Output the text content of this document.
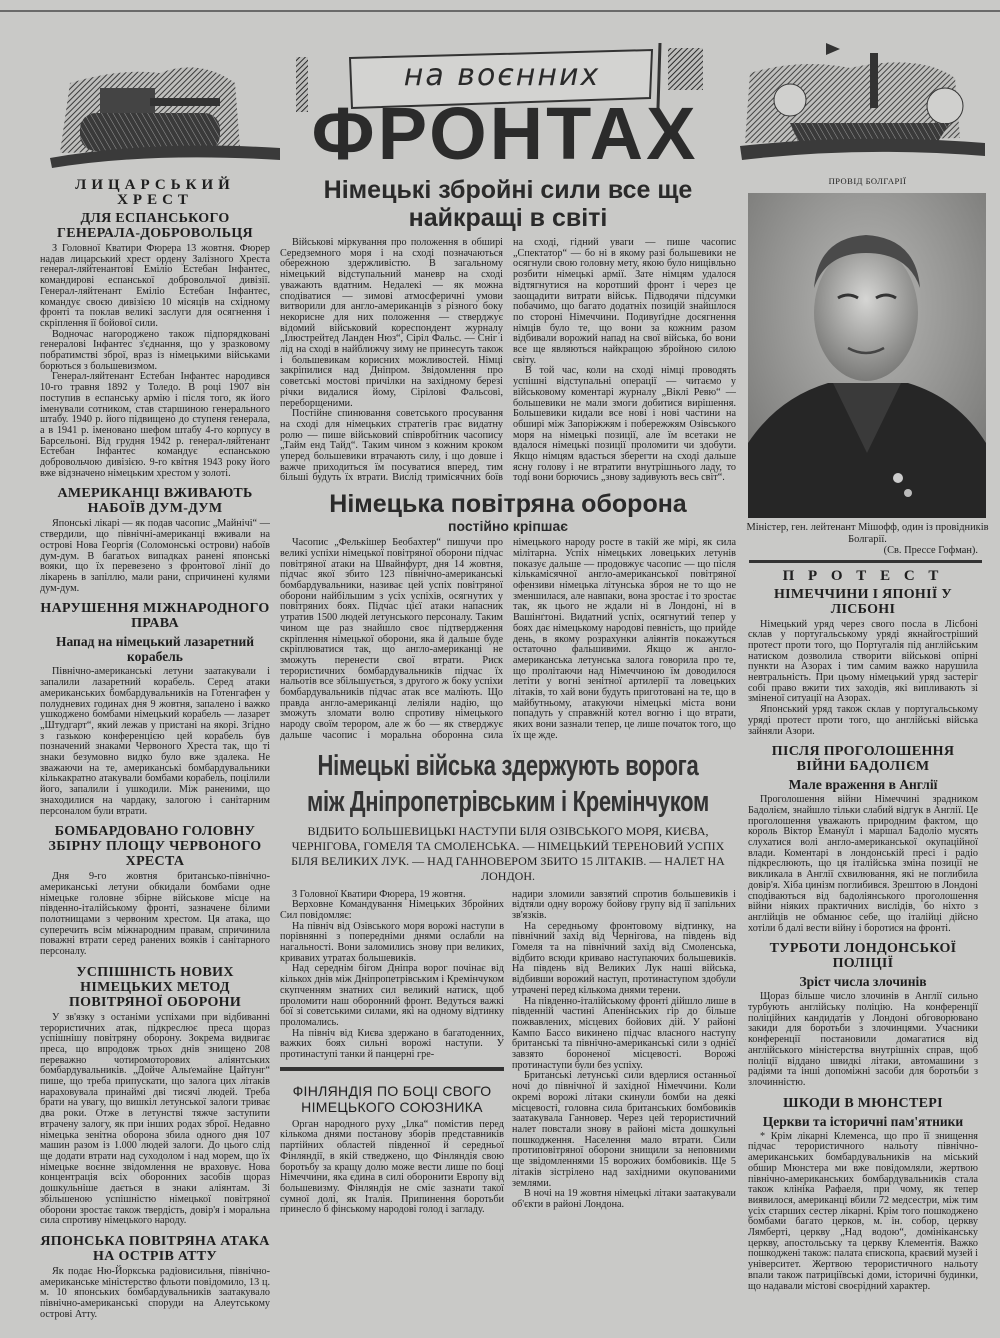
на воєнних
ФРОНТАХ
ЛИЦАРСЬКИЙ ХРЕСТ
ДЛЯ ЕСПАНСЬКОГО ГЕНЕРАЛА-ДОБРОВОЛЬЦЯ

З Головної Кватири Фюрера 13 жовтня. Фюрер надав лицарський хрест ордену Залізного Хреста генерал-ляйтенантові Еміліо Естебан Інфантес, командирові еспанської добровольчої дивізії. Генерал-ляйтенант Еміліо Естебан Інфантес, командує своєю дивізією 10 місяців на східному фронті та поклав великі заслуги для осягнення і скріплення її бойової сили.

Водночас нагороджено також підпорядковані генералові Інфантес з'єднання, що у зразковому побратимстві зброї, враз із німецькими військами борються з большевизмом.

Генерал-ляйтенант Естебан Інфантес народився 10-го травня 1892 у Толедо. В році 1907 він поступив в еспанську армію і після того, як його іменували сотником, став старшиною генерального штабу. 1940 р. його підвищено до ступеня генерала, а в 1941 р. іменовано шефом штабу 4-го корпусу в Барсельоні. Від грудня 1942 р. генерал-ляйтенант Естебан Інфантес командує еспанською добровольчою дивізією. 9-го квітня 1943 року його вже відзначено німецьким хрестом у золоті.

АМЕРИКАНЦІ ВЖИВАЮТЬ НАБОЇВ ДУМ-ДУМ

Японські лікарі — як подав часопис „Майнічі“ — ствердили, що північні-американці вживали на острові Нова Георгія (Соломонські острови) набоїв дум-дум. В багатьох випадках ранені японські вояки, що їх перевезено з фронтової лінії до лікарень в запіллю, мали рани, спричинені кулями дум-дум.

НАРУШЕННЯ МІЖНАРОДНОГО ПРАВА
Напад на німецький лазаретний корабель

Північно-американські летуни заатакували і запалили лазаретний корабель. Серед атаки американських бомбардувальників на Готенгафен у полудневих годинах дня 9 жовтня, запалено і важко ушкоджено бомбами німецький корабель — лазарет „Штудгарт“, який лежав у пристані на якорі. Згідно з газькою конференцією цей корабель був позначений знаками Червоного Хреста так, що ті знаки безумовно видко було вже здалека. Не зважаючи на те, американські бомбардувальники кількакратно атакували бомбами корабель, поцілили його, запалили і ушкодили. Між раненими, що знаходилися на чардаку, залогою і санітарним персоналом були втрати.

БОМБАРДОВАНО ГОЛОВНУ ЗБІРНУ ПЛОЩУ ЧЕРВОНОГО ХРЕСТА

Дня 9-го жовтня британсько-північно-американські летуни обкидали бомбами одне німецьке головне збірне військове місце на південно-італійському фронті, зазначене білими полотнищами з червоним хрестом. Ця атака, що суперечить всім міжнародним правам, спричинила поважні втрати серед ранених вояків і санітарного персоналу.

УСПІШНІСТЬ НОВИХ НІМЕЦЬКИХ МЕТОД ПОВІТРЯНОЇ ОБОРОНИ

У зв'язку з останіми успіхами при відбиванні терористичних атак, підкреслює преса щораз успішнішу повітряну оборону. Зокрема видвигає преса, що впродовж трьох днів знищено 208 переважно чотиромоторових аліянтських бомбардувальників. „Дойче Альґемайне Цайтунг“ пише, що треба припускати, що залога цих літаків нараховувала принаймі дві тисячі людей. Треба брати на увагу, що вишкіл летунської залоги триває два роки. Отже в летунстві тяжче заступити втрачену залогу, як при інших родах зброї. Недавно німецька зенітна оборона збила одного дня 107 машин разом із 1.000 людей залоги. До цього слід ще додати втрати над суходолом і над морем, що їх німецьке воєнне звідомлення не враховує. Нова концентрація всіх оборонних засобів щораз дошкульніше дається в знаки аліянтам. Зі збільшеною успішністю німецької повітряної оборони зростає також твердість, довір'я і моральна сила спротиву німецького народу.

ЯПОНСЬКА ПОВІТРЯНА АТАКА НА ОСТРІВ АТТУ

Як подає Ню-Йоркська радіовисильня, північно-американське міністерство фльоти повідомило, 13 ц. м. 10 японських бомбардувальників заатакувало північно-американські споруди на Алеутському острові Атту.

Німецькі збройні сили все ще найкращі в світі

Військові міркування про положення в обширі Середземного моря і на сході позначаються обережною здержливістю. В загальному німецький відступальний маневр на сході уважають вдатним. Недалекі — як можна сподіватися — зимові атмосферичні умови витворили для англо-американців з різного боку некорисне для них положення — стверджує відомий військовий кореспондент журналу „Ілюстрейтед Ланден Нюз“, Сіріл Фальс. — Сніг і лід на сході в найближчу зиму не принесуть також і большевикам корисних можливостей. Німці закріпилися над Дніпром. Звідомлення про советські мостові причілки на західному березі річки видалися йому, Сіріловi Фальсові, переборщеними.

Постійне спинювання советського просування на сході для німецьких стратегів грає видатну ролю — пише військовий співробітник часопису „Тайм енд Тайд“. Таким чином з кожним кроком уперед большевики втрачають силу, і що довше і важче приходиться їм посуватися вперед, тим більші будуть їх втрати. Вислід тримісячних боїв на сході, гідний уваги — пише часопис „Спектатор“ — бо ні в якому разі большевики не осягнули свою головну мету, якою було нищівльно розбити німецькі армії. Зате німцям удалося відтягнутися на коротший фронт і через це заощадити витрати військ. Підводячи підсумки побачимо, що багато додатніх позицій знайшлося по стороні Німеччини. Подивуґідне досягнення німців було те, що вони за кожним разом відбивали ворожий напад на свої війська, бо вони все ще являються найкращою збройною силою світу.

В той час, коли на сході німці проводять успішні відступальні операції — читаємо у військовому коментарі журналу „Віклі Ревю“ — большевики не мали змоги добитися вирішення. Большевики кидали все нові і нові частини на обширі між Запоріжжям і побережжям Озівського моря на німецькі позиції, але їм всетаки не вдалося німецькі позиції проломити чи здобути. Якщо німцям вдасться зберегти на сході дальше ясну голову і не втратити внутрішнього ладу, то тоді вони борючись „знову задивують весь світ“.

Німецька повітряна оборона
постійно кріпшає

Часопис „Фелькішер Беобахтер“ пишучи про великі успіхи німецької повітряної оборони підчас повітряної атаки на Швайнфурт, дня 14 жовтня, підчас якої збито 123 північно-американські бомбардувальники, називає цей успіх повітряної оборони найбільшим з усіх успіхів, осягнутих у повітряних боях. Підчас цієї атаки напасник утратив 1500 людей летунського персоналу. Таким чином ще раз знайшло своє підтвердження скріплення німецької оборони, яка й дальше буде скріплюватися так, що англо-американці не зможуть перенести свої втрати. Риск терористичних бомбардувальників підчас їх нальотів все збільшується, з другого ж боку успіхи бомбардувальників підчас атак все маліють. Що правда англо-американці леліяли надію, що зможуть зломати волю спротиву німецького народу своїм терором, але ж бо — як стверджує дальше часопис і моральна оборонна сила німецького народу росте в такій же мірі, як сила мілітарна. Успіх німецьких ловецьких летунів показує дальше — продовжує часопис — що після кількамісячної англо-американської повітряної офензиви німецька літунська зброя не то що не зменшилася, але навпаки, вона зростає і то зростає так, як цього не ждали ні в Лондоні, ні в Вашінґтоні. Видатний успіх, осягнутий тепер у боях дає німецькому народові певність, що прийде день, в якому розрахунки аліянтів покажуться остаточно фальшивими. Якщо ж англо-американська летунська залога говорила про те, що пролітаючи над Німеччиною їм доводилося летіти у вогні зенітної артилерії та ловецьких літаків, то хай вони будуть приготовані на те, що в майбутньому, атакуючи німецькі міста вони попадуть у справжній котел вогню і що втрати, яких вони зазнали тепер, це лише початок того, що їх ще жде.

Німецькі війська здержують ворога
між Дніпропетрівським і Кремінчуком
ВІДБИТО БОЛЬШЕВИЦЬКІ НАСТУПИ БІЛЯ ОЗІВСЬКОГО МОРЯ, КИЄВА, ЧЕРНІГОВА, ГОМЕЛЯ ТА СМОЛЕНСЬКА. — НІМЕЦЬКИЙ ТЕРЕНОВИЙ УСПІХ БІЛЯ ВЕЛИКИХ ЛУК. — НАД ГАННОВЕРОМ ЗБИТО 15 ЛІТАКІВ. — НАЛЕТ НА ЛОНДОН.

З Головної Кватири Фюрера, 19 жовтня.

Верховне Командування Німецьких Збройних Сил повідомляє:

На північ від Озівського моря ворожі наступи в порівнянні з попередніми днями ослабли на нагальності. Вони заломились знову при великих, кривавих утратах большевиків.

Над середнім бігом Дніпра ворог почінає від кількох днів між Дніпропетрівським і Кремінчуком скупченням знатних сил великий натиск, щоб проломити наш оборонний фронт. Ведуться важкі бої зі советськими силами, які на одному відтинку проломались.

На північ від Києва здержано в багатоденних, важких боях сильні ворожі наступи. У протинаступі танки й панцерні гре-

ФІНЛЯНДІЯ ПО БОЦІ СВОГО НІМЕЦЬКОГО СОЮЗНИКА

Орган народного руху „Ілка“ помістив перед кількома днями постанову зборів представників партійних областей південної й середньої Фінляндії, в якій стведжено, що Фінляндія свою боротьбу за кращу долю може вести лише по боці Німеччини, яка єдина в силі оборонити Европу від большевизму. Фінляндія не сміє зазнати такої сумної долі, як Італія. Припинення боротьби принесло б фінському народові голод і загладу.

надири зломили завзятий спротив большевиків і відтяли одну ворожу бойову групу від її запільних зв'язків.

На середньому фронтовому відтинку, на північний захід від Чернігова, на південь від Гомеля та на північний захід від Смоленська, відбито всюди криваво наступаючих большевиків. На південь від Великих Лук наші війська, відбивши ворожий наступ, протинаступом здобули утрачені перед кількома днями терени.

На південно-італійському фронті дійшло лише в південній частині Апенінських гір до більше пожвавлених, місцевих бойових дій. У районі Кампо Бассо викинено підчас власного наступу британські та північно-американські сили з однієї завзято бороненої місцевості. Ворожі протинаступи були без успіху.

Британські летунські сили вдерлися останньої ночі до північної й західної Німеччини. Коли окремі ворожі літаки скинули бомби на деякі місцевості, головна сила британських бомбовиків заатакувала Ганновер. Через цей терористичний налет повстали знову в районі міста дошкульні пошкодження. Населення мало втрати. Сили протиповітряної оборони знищили за неповними ще звідомленнями 15 ворожих бомбовиків. Ще 5 літаків зістрілено над західними окупованими землями.

В ночі на 19 жовтня німецькі літаки заатакували об'єкти в районі Лондона.

ПРОВІД БОЛГАРІЇ
Міністер, ген. лейтенант Мішофф, один із провідників Болгарії.
(Св. Прессе Гофман).
П Р О Т Е С Т
НІМЕЧЧИНИ І ЯПОНІЇ У ЛІСБОНІ

Німецький уряд через свого посла в Лісбоні склав у португальському уряді якнайгостріший протест проти того, що Португалія під англійським натиском дозволила створити військові опірні пункти на Азорах і тим самим важко нарушила невтральність. При цьому німецький уряд застеріг собі право вжити тих заходів, які випливають зі зміненої ситуації на Азорах.

Японський уряд також склав у португальському уряді протест проти того, що англійські війська зайняли Азори.

ПІСЛЯ ПРОГОЛОШЕННЯ ВІЙНИ БАДОЛІЄМ
Мале враження в Англії

Проголошення війни Німеччині зрадником Бадолієм, знайшло тільки слабий відгук в Англії. Це проголошення уважають природним фактом, що король Віктор Емануїл і маршал Бадоліо мусять слухатися волі англо-американської окупаційної влади. Коментарі в лондонській пресі і радіо підкреслюють, що ця італійська зміна позиції не викликала в Англії схвилювання, які не поглибила довір'я. Хіба цинізм поглибився. Зрештою в Лондоні сподіваються від бадоліянського проголошення війни ніяких практичних вислідів, бо ніхто з англійців не обманює себе, що італійці дійсно хотіли б далі вести війну і боротися на фронті.

ТУРБОТИ ЛОНДОНСЬКОЇ ПОЛІЦІЇ
Зріст числа злочинів

Щораз більше число злочинів в Англії сильно турбують англійську поліцію. На конференції поліційних кандидатів у Лондоні обговорювано закиди для боротьби з злочинцями. Учасники конференції постановили домагатися від англійського міністерства внутрішніх справ, щоб поліції віддано швидкі літаки, автомашини з радіями та інші допоміжні засоби для боротьби з злочинністю.

ШКОДИ В МЮНСТЕРІ
Церкви та історичні пам'ятники

* Крім лікарні Клеменса, що про її знищення підчас терористичного нальоту північно-американських бомбардувальників на міський обшир Мюнстера ми вже повідомляли, жертвою північно-американських бомбардувальників стала також клініка Рафаеля, при чому, як тепер виявилося, американці вбили 72 медсестри, між тим усіх старших сестер лікарні. Крім того пошкоджено бомбами багато церков, м. ін. собор, церкву Лямберті, церкву „Над водою“, домініканську церкву, апостольську та церкву Клементія. Важко пошкоджені також: палата єпископа, краєвий музей і університет. Жертвою терористичного нальоту впали також патриціївські доми, історичні будинки, що надавали містові своєрідний характер.
